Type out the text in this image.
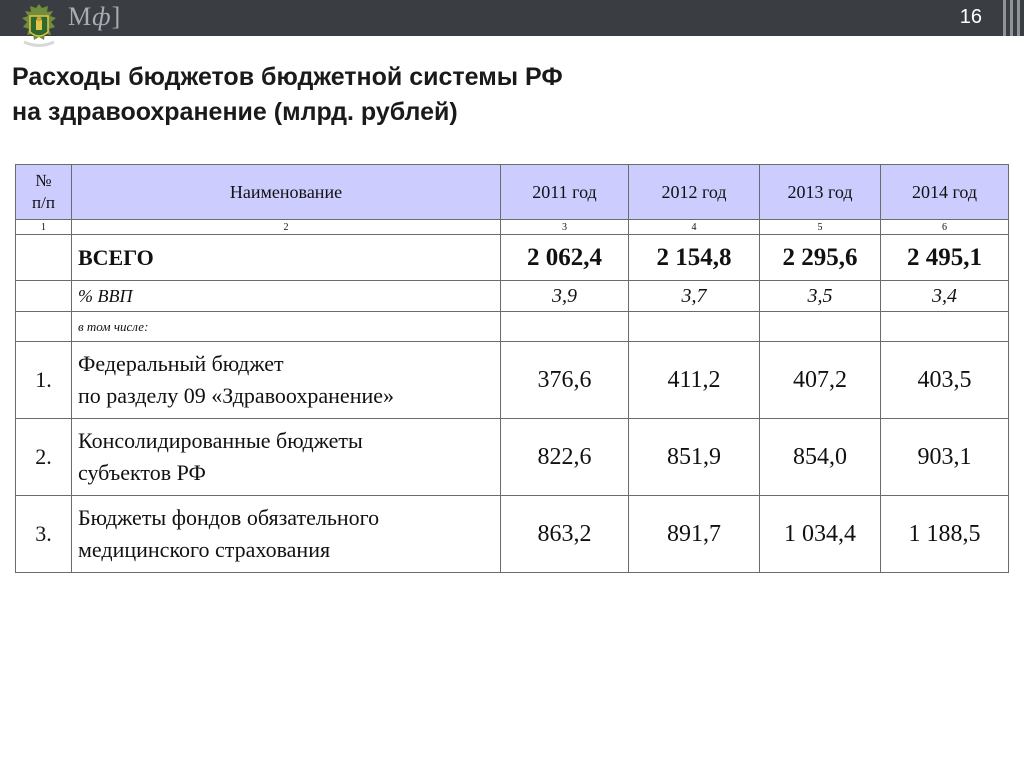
Мф]	16
Расходы бюджетов бюджетной системы РФ
на здравоохранение (млрд. рублей)
№
п/п	Наименование	2011 год	2012 год	2013 год	2014 год
1	2	3	4	5	6
	ВСЕГО	2 062,4	2 154,8	2 295,6	2 495,1
	% ВВП	3,9	3,7	3,5	3,4
	в том числе:				
1.	Федеральный бюджет
по разделу 09 «Здравоохранение»	376,6	411,2	407,2	403,5
2.	Консолидированные бюджеты
субъектов РФ	822,6	851,9	854,0	903,1
3.	Бюджеты фондов обязательного
медицинского страхования	863,2	891,7	1 034,4	1 188,5
